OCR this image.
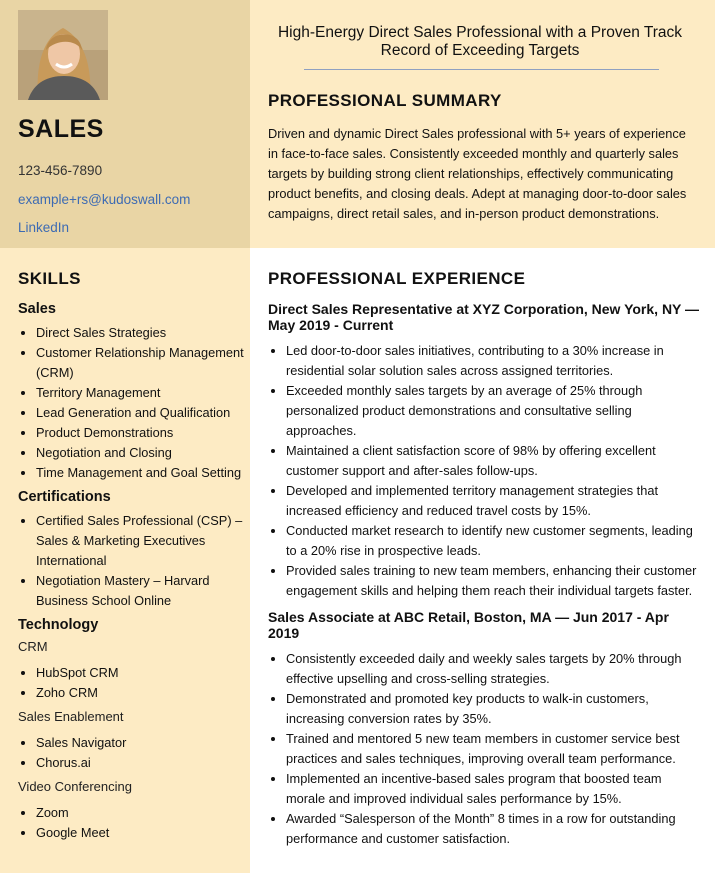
SALES
123-456-7890
example+rs@kudoswall.com
LinkedIn

High-Energy Direct Sales Professional with a Proven Track Record of Exceeding Targets

PROFESSIONAL SUMMARY

Driven and dynamic Direct Sales professional with 5+ years of experience in face-to-face sales. Consistently exceeded monthly and quarterly sales targets by building strong client relationships, effectively communicating product benefits, and closing deals. Adept at managing door-to-door sales campaigns, direct retail sales, and in-person product demonstrations.

SKILLS
Sales
• Direct Sales Strategies
• Customer Relationship Management (CRM)
• Territory Management
• Lead Generation and Qualification
• Product Demonstrations
• Negotiation and Closing
• Time Management and Goal Setting
Certifications
• Certified Sales Professional (CSP) – Sales & Marketing Executives International
• Negotiation Mastery – Harvard Business School Online
Technology

CRM

• HubSpot CRM
• Zoho CRM

Sales Enablement

• Sales Navigator
• Chorus.ai

Video Conferencing

• Zoom
• Google Meet
PROFESSIONAL EXPERIENCE
Direct Sales Representative at XYZ Corporation, New York, NY — May 2019 - Current
• Led door-to-door sales initiatives, contributing to a 30% increase in residential solar solution sales across assigned territories.
• Exceeded monthly sales targets by an average of 25% through personalized product demonstrations and consultative selling approaches.
• Maintained a client satisfaction score of 98% by offering excellent customer support and after-sales follow-ups.
• Developed and implemented territory management strategies that increased efficiency and reduced travel costs by 15%.
• Conducted market research to identify new customer segments, leading to a 20% rise in prospective leads.
• Provided sales training to new team members, enhancing their customer engagement skills and helping them reach their individual targets faster.
Sales Associate at ABC Retail, Boston, MA — Jun 2017 - Apr 2019
• Consistently exceeded daily and weekly sales targets by 20% through effective upselling and cross-selling strategies.
• Demonstrated and promoted key products to walk-in customers, increasing conversion rates by 35%.
• Trained and mentored 5 new team members in customer service best practices and sales techniques, improving overall team performance.
• Implemented an incentive-based sales program that boosted team morale and improved individual sales performance by 15%.
• Awarded “Salesperson of the Month” 8 times in a row for outstanding performance and customer satisfaction.
